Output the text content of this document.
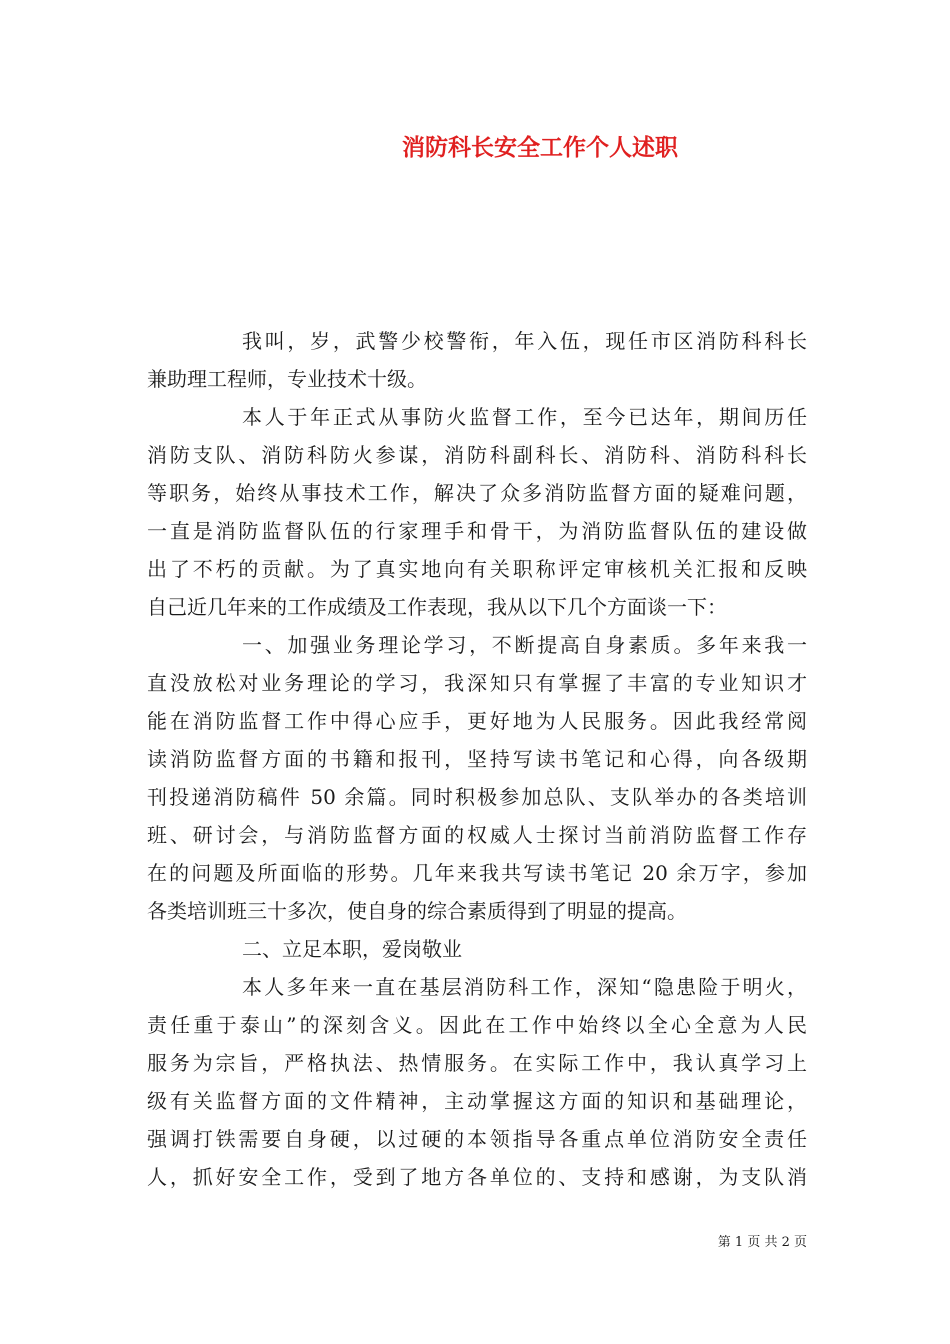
消防科长安全工作个人述职
我叫，岁，武警少校警衔，年入伍，现任市区消防科科长
兼助理工程师，专业技术十级。
本人于年正式从事防火监督工作，至今已达年，期间历任
消防支队、消防科防火参谋，消防科副科长、消防科、消防科科长
等职务，始终从事技术工作，解决了众多消防监督方面的疑难问题，
一直是消防监督队伍的行家理手和骨干，为消防监督队伍的建设做
出了不朽的贡献。为了真实地向有关职称评定审核机关汇报和反映
自己近几年来的工作成绩及工作表现，我从以下几个方面谈一下：
一、加强业务理论学习，不断提高自身素质。多年来我一
直没放松对业务理论的学习，我深知只有掌握了丰富的专业知识才
能在消防监督工作中得心应手，更好地为人民服务。因此我经常阅
读消防监督方面的书籍和报刊，坚持写读书笔记和心得，向各级期
刊投递消防稿件 50 余篇。同时积极参加总队、支队举办的各类培训
班、研讨会，与消防监督方面的权威人士探讨当前消防监督工作存
在的问题及所面临的形势。几年来我共写读书笔记 20 余万字，参加
各类培训班三十多次，使自身的综合素质得到了明显的提高。
二、立足本职，爱岗敬业
本人多年来一直在基层消防科工作，深知“隐患险于明火，
责任重于泰山”的深刻含义。因此在工作中始终以全心全意为人民
服务为宗旨，严格执法、热情服务。在实际工作中，我认真学习上
级有关监督方面的文件精神，主动掌握这方面的知识和基础理论，
强调打铁需要自身硬，以过硬的本领指导各重点单位消防安全责任
人，抓好安全工作，受到了地方各单位的、支持和感谢，为支队消
第 1 页 共 2 页
